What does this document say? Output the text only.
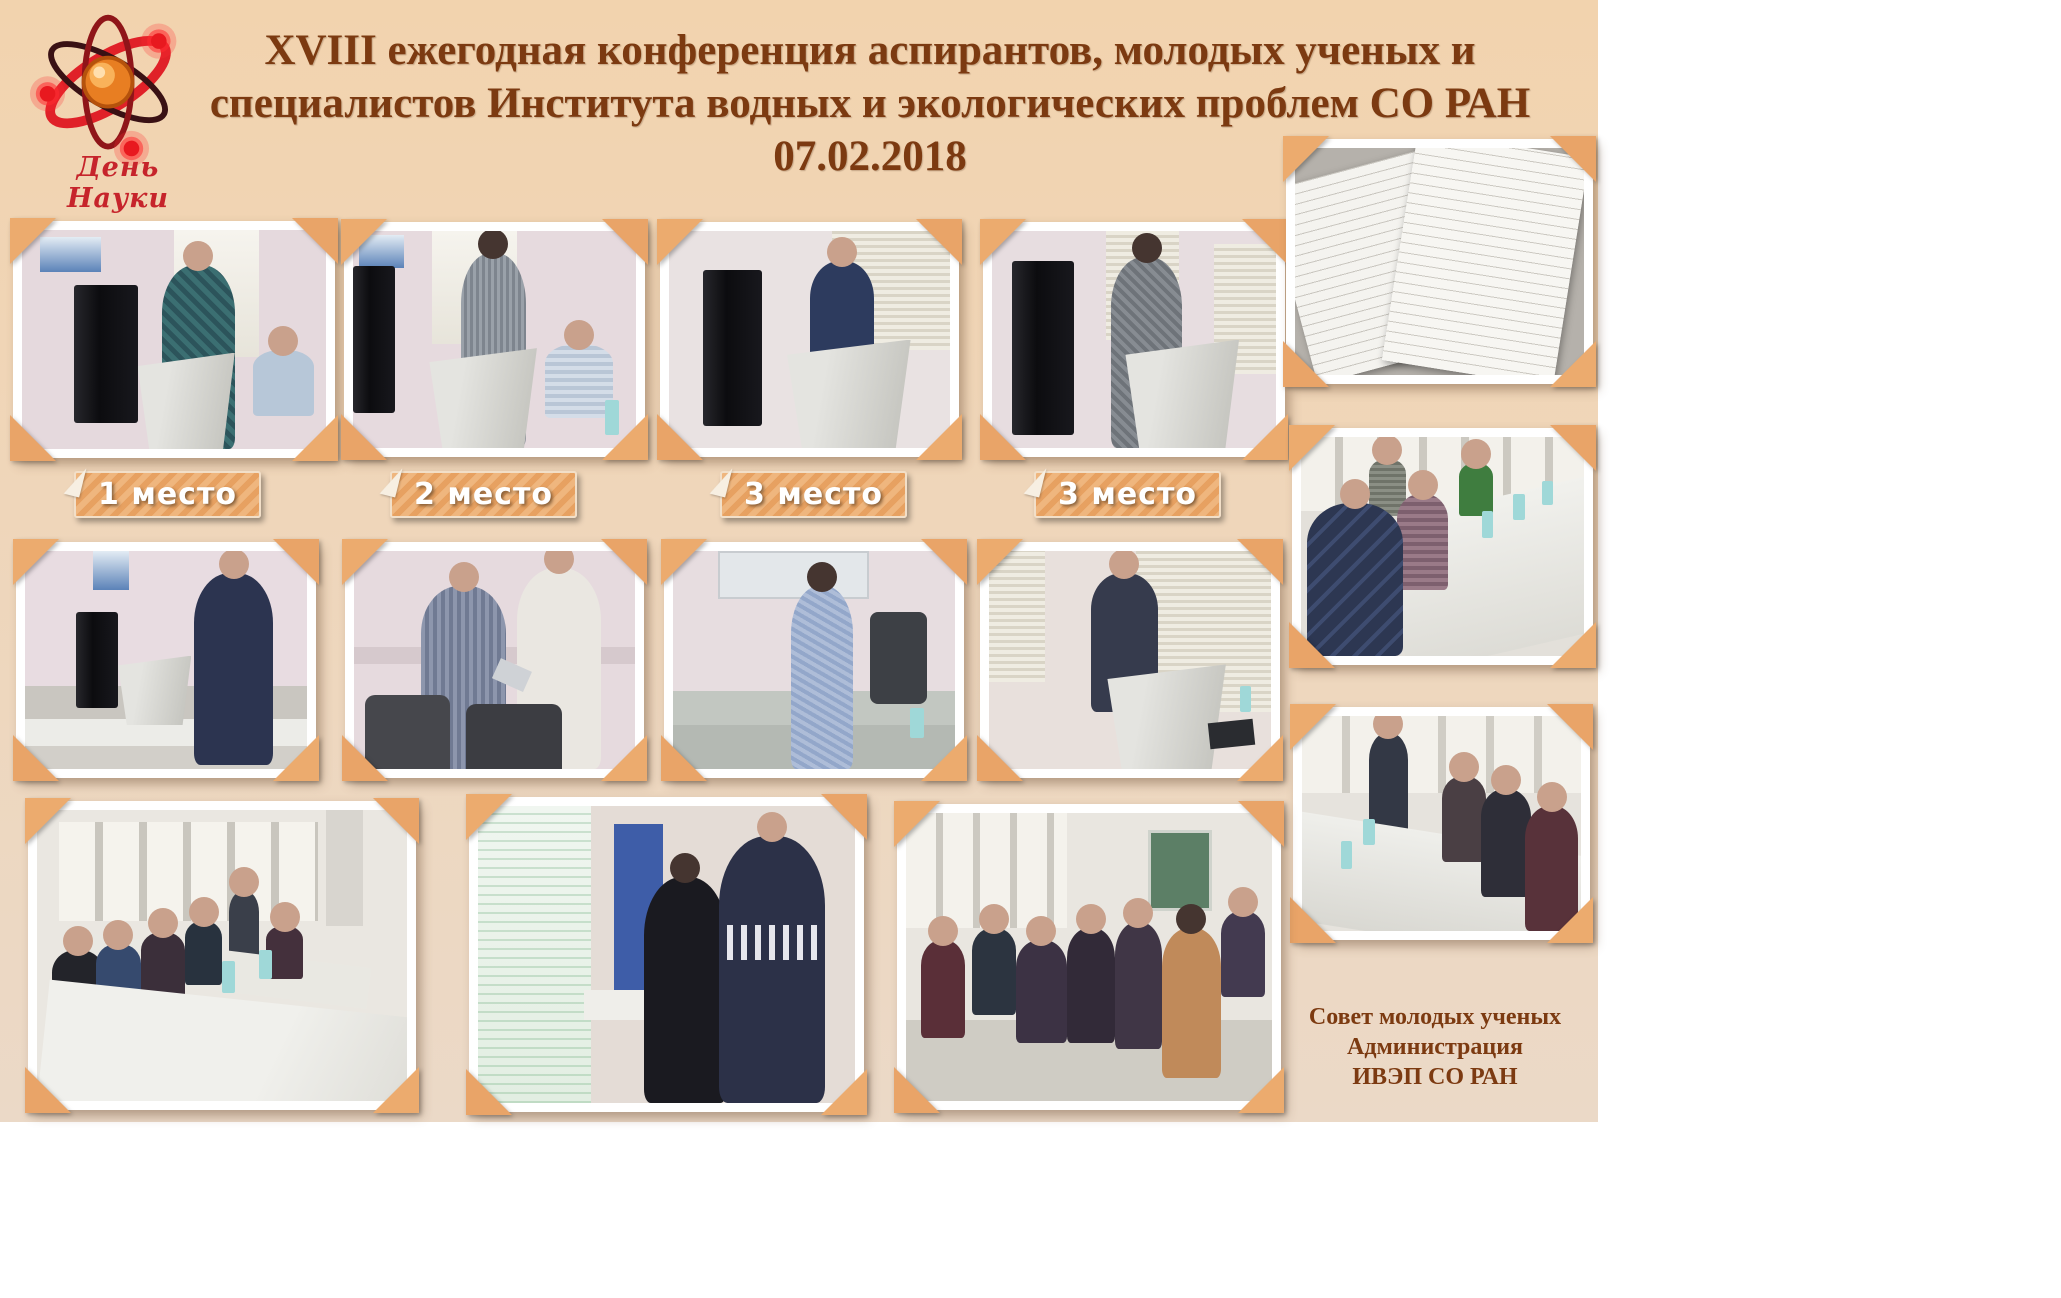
День Науки
XVIII ежегодная конференция аспирантов, молодых ученых и
специалистов Института водных и экологических проблем СО РАН
07.02.2018
1 место	2 место	3 место	3 место
Совет молодых ученых
Администрация
ИВЭП СО РАН
